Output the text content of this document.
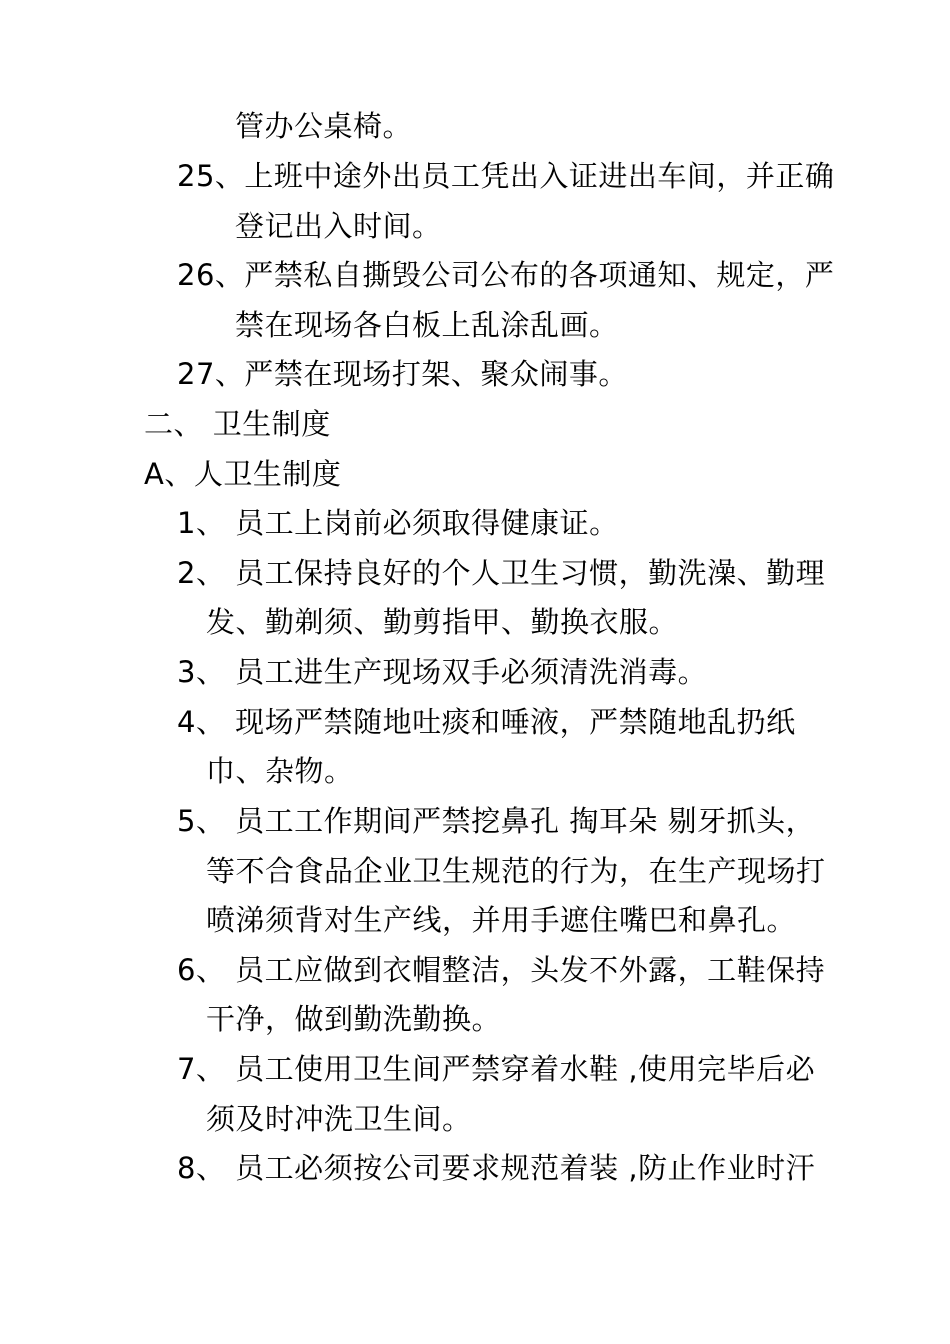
管办公桌椅。
25、上班中途外出员工凭出入证进出车间，并正确
登记出入时间。
26、严禁私自撕毁公司公布的各项通知、规定，严
禁在现场各白板上乱涂乱画。
27、严禁在现场打架、聚众闹事。
二、 卫生制度
A、人卫生制度
1、 员工上岗前必须取得健康证。
2、 员工保持良好的个人卫生习惯，勤洗澡、勤理
发、勤剃须、勤剪指甲、勤换衣服。
3、 员工进生产现场双手必须清洗消毒。
4、 现场严禁随地吐痰和唾液，严禁随地乱扔纸
巾、杂物。
5、 员工工作期间严禁挖鼻孔 掏耳朵 剔牙抓头，
等不合食品企业卫生规范的行为，在生产现场打
喷涕须背对生产线，并用手遮住嘴巴和鼻孔。
6、 员工应做到衣帽整洁，头发不外露，工鞋保持
干净，做到勤洗勤换。
7、 员工使用卫生间严禁穿着水鞋 ,使用完毕后必
须及时冲洗卫生间。
8、 员工必须按公司要求规范着装 ,防止作业时汗
